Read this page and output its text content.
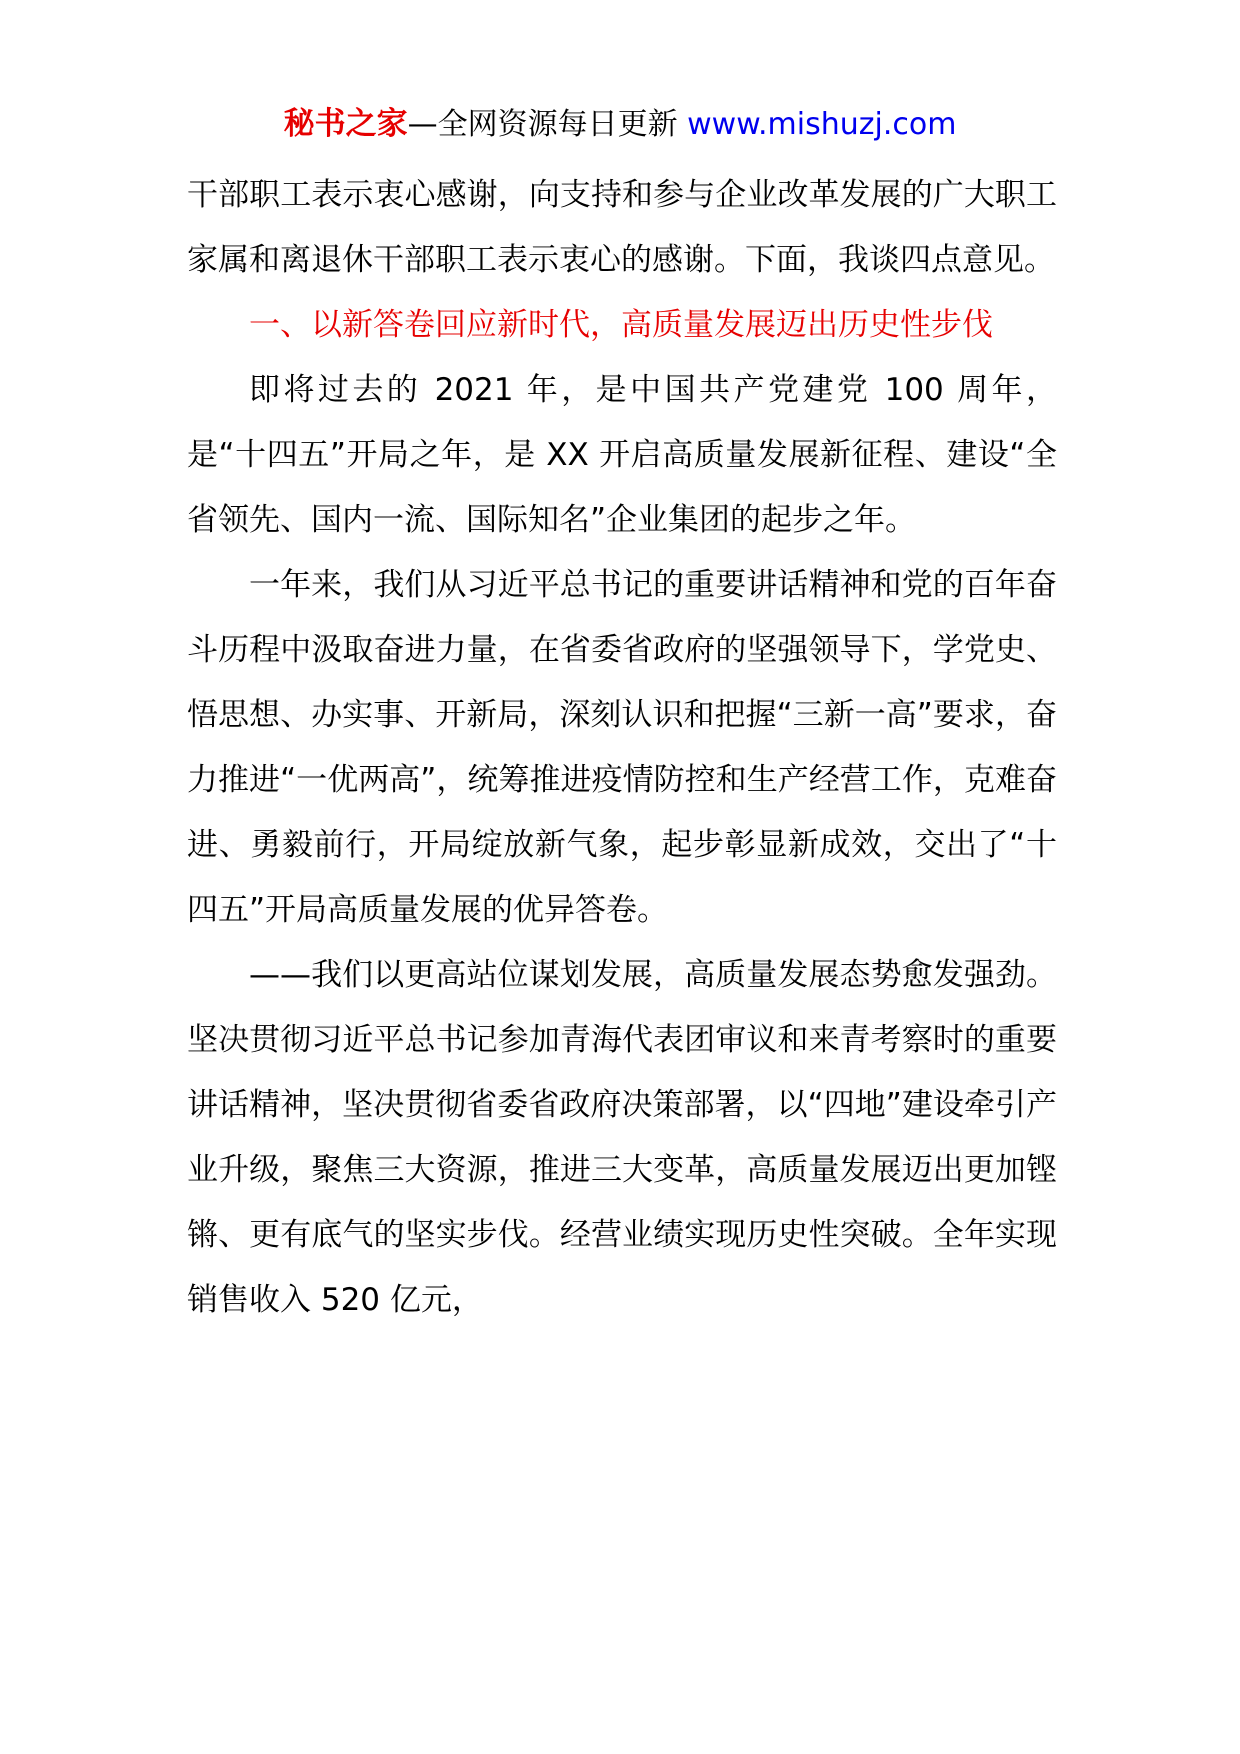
秘书之家—全网资源每日更新 www.mishuzj.com

干部职工表示衷心感谢，向支持和参与企业改革发展的广大职工家属和离退休干部职工表示衷心的感谢。下面，我谈四点意见。

一、以新答卷回应新时代，高质量发展迈出历史性步伐

即将过去的 2021 年，是中国共产党建党 100 周年，是“十四五”开局之年，是 XX 开启高质量发展新征程、建设“全省领先、国内一流、国际知名”企业集团的起步之年。

一年来，我们从习近平总书记的重要讲话精神和党的百年奋斗历程中汲取奋进力量，在省委省政府的坚强领导下，学党史、悟思想、办实事、开新局，深刻认识和把握“三新一高”要求，奋力推进“一优两高”，统筹推进疫情防控和生产经营工作，克难奋进、勇毅前行，开局绽放新气象，起步彰显新成效，交出了“十四五”开局高质量发展的优异答卷。

——我们以更高站位谋划发展，高质量发展态势愈发强劲。坚决贯彻习近平总书记参加青海代表团审议和来青考察时的重要讲话精神，坚决贯彻省委省政府决策部署，以“四地”建设牵引产业升级，聚焦三大资源，推进三大变革，高质量发展迈出更加铿锵、更有底气的坚实步伐。经营业绩实现历史性突破。全年实现销售收入 520 亿元，
